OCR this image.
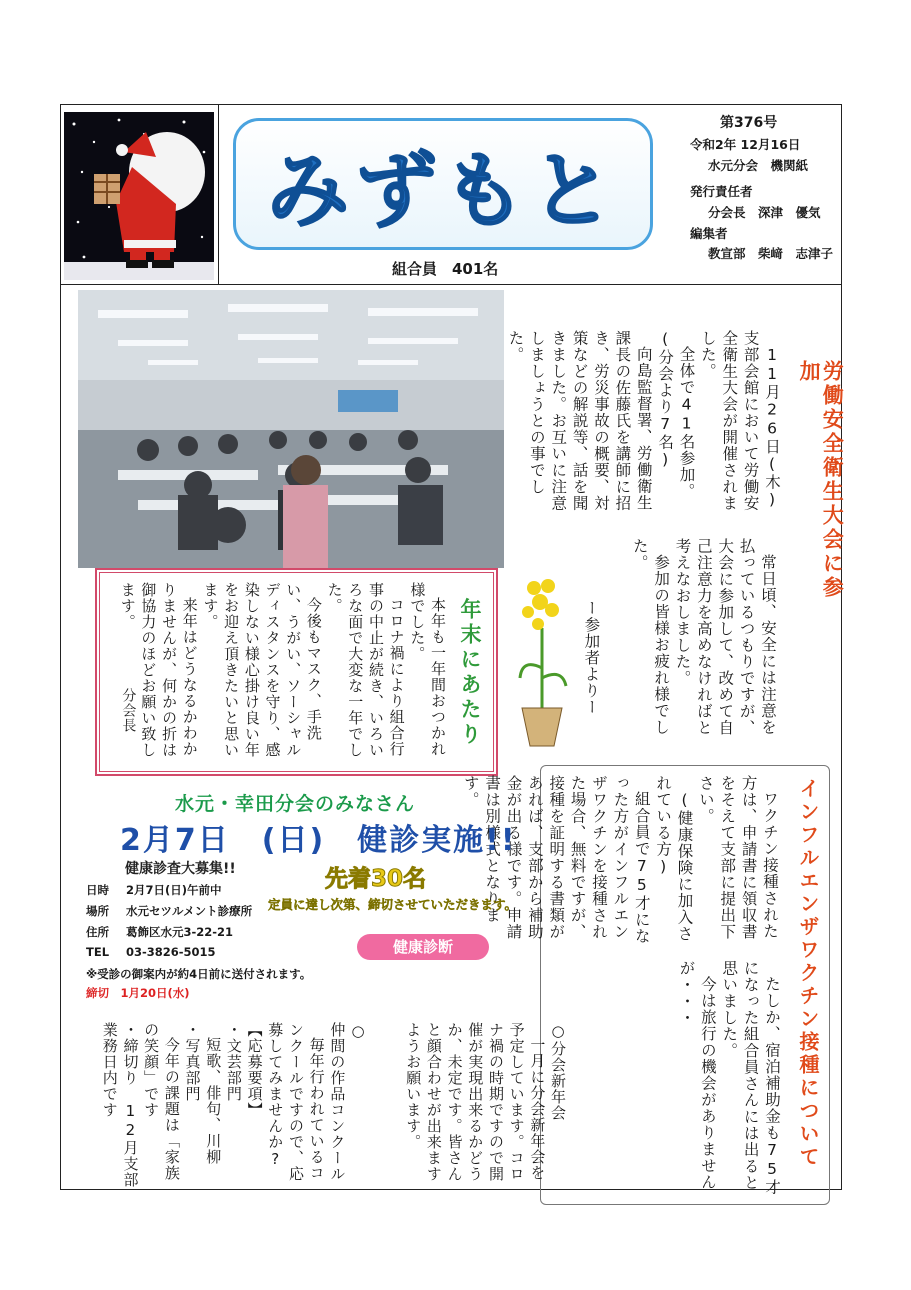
みずもと
組合員　401名
第376号
令和2年 12月16日
水元分会　機関紙
発行責任者
分会長　深津　優気
編集者
教宣部　柴﨑　志津子
労働安全衛生大会に参加

11月26日(木)支部会館において労働安全衛生大会が開催されました。

全体で41名参加。(分会より7名)

向島監督署、労働衛生課長の佐藤氏を講師に招き、労災事故の概要、対策などの解説等、話を聞きました。お互いに注意しましょうとの事でした。

常日頃、安全には注意を払っているつもりですが、大会に参加して、改めて自己注意力を高めなければと考えなおしました。

参加の皆様お疲れ様でした。

ー参加者よりー
年末にあたり

本年も一年間おつかれ様でした。

コロナ禍により組合行事の中止が続き、いろいろな面で大変な一年でした。

今後もマスク、手洗い、うがい、ソーシャルディスタンスを守り、感染しない様心掛け良い年をお迎え頂きたいと思います。

来年はどうなるかわかりませんが、何かの折は御協力のほどお願い致します。

分会長
インフルエンザワクチン接種について

ワクチン接種された方は、申請書に領収書をそえて支部に提出下さい。

(健康保険に加入されている方)

組合員で75才になった方がインフルエンザワクチンを接種された場合、無料ですが、接種を証明する書類があれば、支部から補助金が出る様です。申請書は別様式となります。

たしか、宿泊補助金も75才になった組合員さんには出ると思いました。

今は旅行の機会がありませんが・・・

水元・幸田分会のみなさん
2月7日　(日)　健診実施!!
健康診査大募集!!	先着30名
日時 2月7日(日)午前中
場所 水元セツルメント診療所
住所 葛飾区水元3-22-21
TEL 03-3826-5015
定員に達し次第、締切させていただきます。
健康診断
※受診の御案内が約4日前に送付されます。
締切　 1月20日(水)

○分会新年会

一月に分会新年会を予定しています。コロナ禍の時期ですので開催が実現出来るかどうか、未定です。皆さんと顔合わせが出来ますようお願います。

○

仲間の作品コンクール

毎年行われているコンクールですので、応募してみませんか?

【応募要項】

・文芸部門

短歌、俳句、川柳

・写真部門

今年の課題は「家族の笑顔」です

・締切り　12月支部業務日内です
